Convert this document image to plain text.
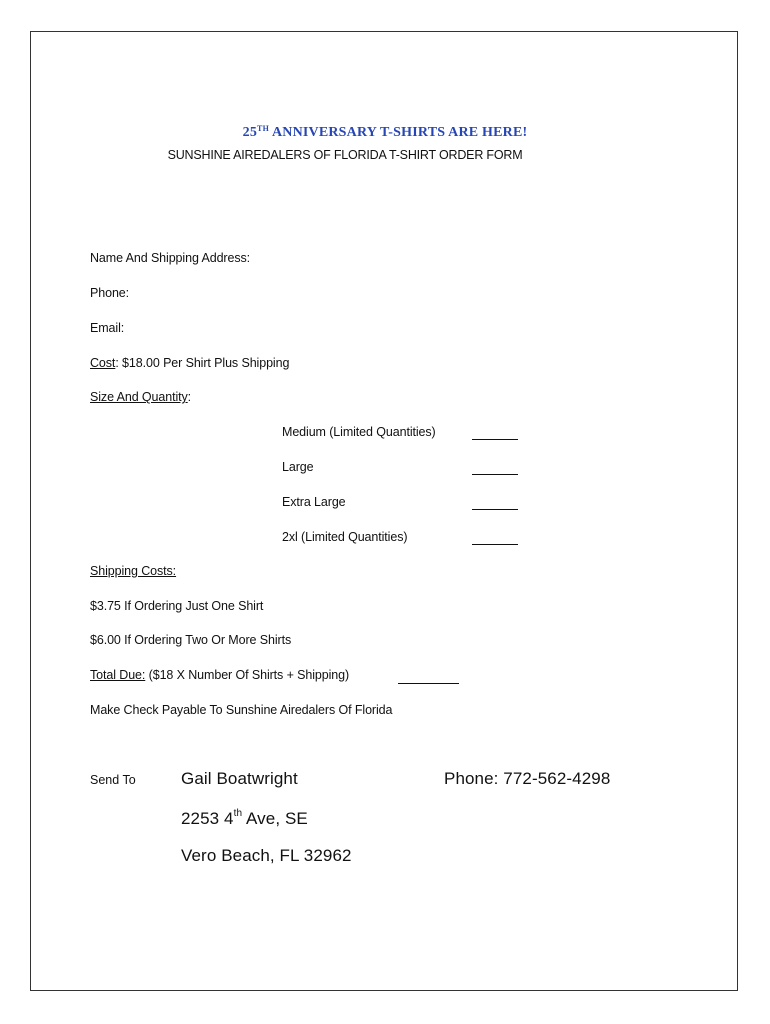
25TH ANNIVERSARY T-SHIRTS ARE HERE!
SUNSHINE AIREDALERS OF FLORIDA T-SHIRT ORDER FORM
Name And Shipping Address:
Phone:
Email:
Cost: $18.00 Per Shirt Plus Shipping
Size And Quantity:
Medium (Limited Quantities)
Large
Extra Large
2xl (Limited Quantities)
Shipping Costs:
$3.75 If Ordering Just One Shirt
$6.00 If Ordering Two Or More Shirts
Total Due: ($18 X Number Of Shirts + Shipping)
Make Check Payable To Sunshine Airedalers Of Florida
Send To	Gail Boatwright
2253 4th Ave, SE
Vero Beach, FL 32962
Phone: 772-562-4298
